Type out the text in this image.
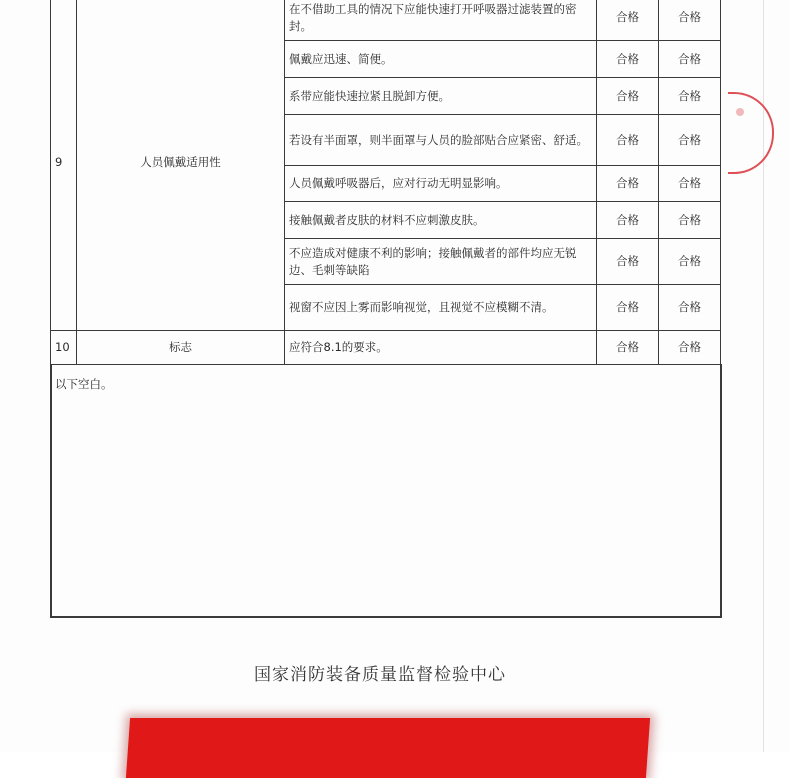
9	人员佩戴适用性	在不借助工具的情况下应能快速打开呼吸器过滤装置的密封。	合格	合格
		佩戴应迅速、简便。	合格	合格
		系带应能快速拉紧且脱卸方便。	合格	合格
		若设有半面罩，则半面罩与人员的脸部贴合应紧密、舒适。	合格	合格
		人员佩戴呼吸器后，应对行动无明显影响。	合格	合格
		接触佩戴者皮肤的材料不应刺激皮肤。	合格	合格
		不应造成对健康不利的影响；接触佩戴者的部件均应无锐边、毛刺等缺陷	合格	合格
		视窗不应因上雾而影响视觉，且视觉不应模糊不清。	合格	合格
10	标志	应符合8.1的要求。	合格	合格
以下空白。
国家消防装备质量监督检验中心
